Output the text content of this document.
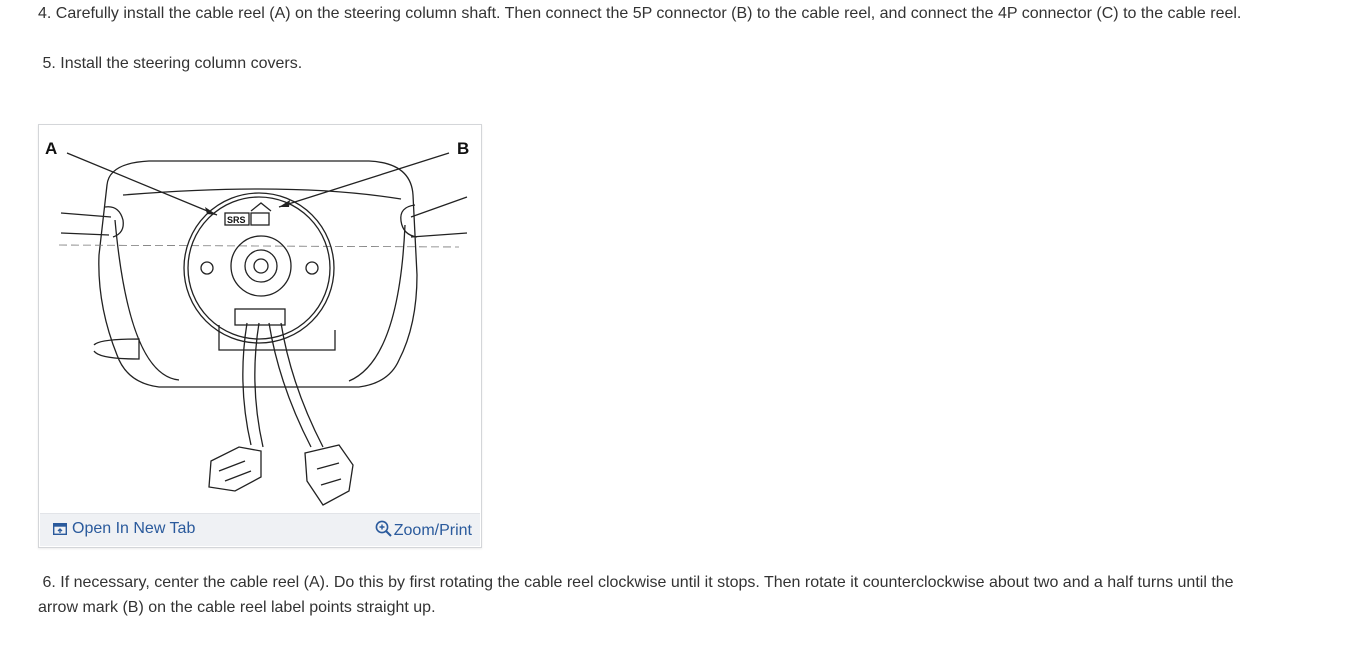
4. Carefully install the cable reel (A) on the steering column shaft. Then connect the 5P connector (B) to the cable reel, and connect the 4P connector (C) to the cable reel.
5. Install the steering column covers.
A	B
SRS
Open In New Tab	Zoom/Print
6. If necessary, center the cable reel (A). Do this by first rotating the cable reel clockwise until it stops. Then rotate it counterclockwise about two and a half turns until the arrow mark (B) on the cable reel label points straight up.
